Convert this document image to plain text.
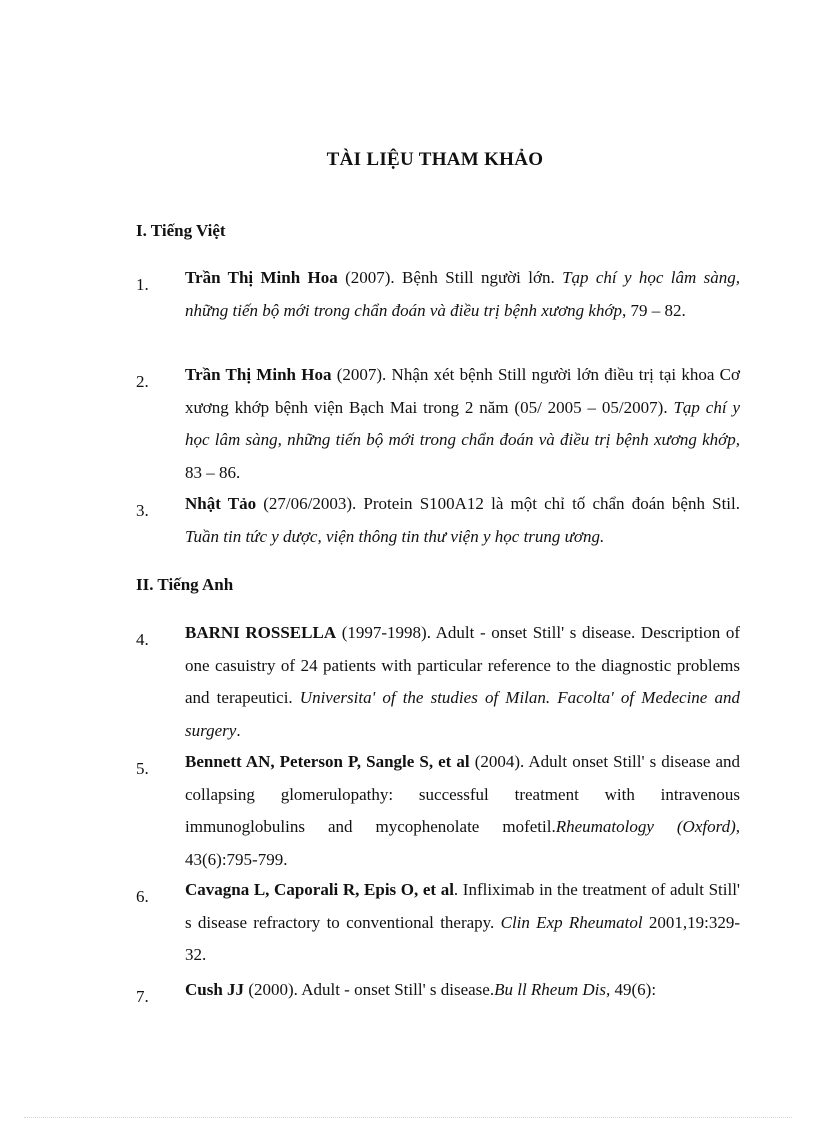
TÀI LIỆU THAM KHẢO
I. Tiếng Việt
1.	Trần Thị Minh Hoa (2007). Bệnh Still người lớn. Tạp chí y học lâm sàng, những tiến bộ mới trong chẩn đoán và điều trị bệnh xương khớp, 79 – 82.
2.	Trần Thị Minh Hoa (2007). Nhận xét bệnh Still người lớn điều trị tại khoa Cơ xương khớp bệnh viện Bạch Mai trong 2 năm (05/ 2005 – 05/2007). Tạp chí y học lâm sàng, những tiến bộ mới trong chẩn đoán và điều trị bệnh xương khớp, 83 – 86.
3.	Nhật Tảo (27/06/2003). Protein S100A12 là một chỉ tố chẩn đoán bệnh Stil. Tuần tin tức y dược, viện thông tin thư viện y học trung ương.
II. Tiếng Anh
4.	BARNI ROSSELLA (1997-1998). Adult - onset Still' s disease. Description of one casuistry of 24 patients with particular reference to the diagnostic problems and terapeutici. Universita' of the studies of Milan. Facolta' of Medecine and surgery.
5.	Bennett AN, Peterson P, Sangle S, et al (2004). Adult onset Still' s disease and collapsing glomerulopathy: successful treatment with intravenous immunoglobulins and mycophenolate mofetil.Rheumatology (Oxford), 43(6):795-799.
6.	Cavagna L, Caporali R, Epis O, et al. Infliximab in the treatment of adult Still' s disease refractory to conventional therapy. Clin Exp Rheumatol 2001,19:329-32.
7.	Cush JJ (2000). Adult - onset Still' s disease.Bu ll Rheum Dis, 49(6):
